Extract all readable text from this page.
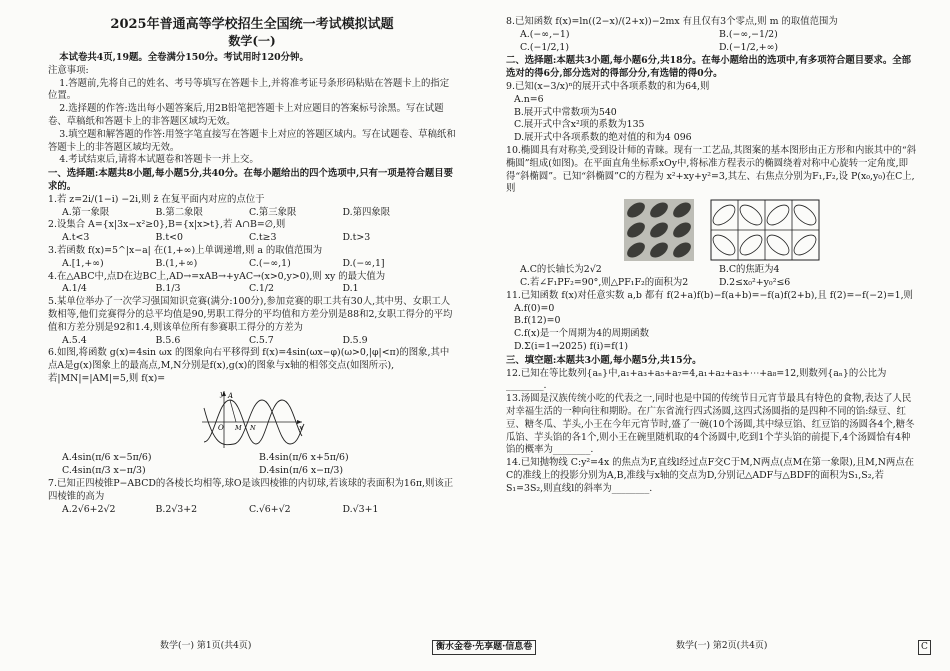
2025年普通高等学校招生全国统一考试模拟试题
数学(一)

本试卷共4页,19题。全卷满分150分。考试用时120分钟。

注意事项:

1.答题前,先将自己的姓名、考号等填写在答题卡上,并将准考证号条形码粘贴在答题卡上的指定位置。

2.选择题的作答:选出每小题答案后,用2B铅笔把答题卡上对应题目的答案标号涂黑。写在试题卷、草稿纸和答题卡上的非答题区域均无效。

3.填空题和解答题的作答:用签字笔直接写在答题卡上对应的答题区域内。写在试题卷、草稿纸和答题卡上的非答题区域均无效。

4.考试结束后,请将本试题卷和答题卡一并上交。

一、选择题:本题共8小题,每小题5分,共40分。在每小题给出的四个选项中,只有一项是符合题目要求的。

1.若 z=2i/(1−i) −2i,则 z̄ 在复平面内对应的点位于

A.第一象限	B.第二象限	C.第三象限	D.第四象限

2.设集合 A={x|3x−x²≥0},B={x|x>t},若 A∩B=∅,则

A.t<3	B.t<0	C.t≥3	D.t>3

3.若函数 f(x)=5^|x−a| 在(1,+∞)上单调递增,则 a 的取值范围为

A.[1,+∞)	B.(1,+∞)	C.(−∞,1)	D.(−∞,1]

4.在△ABC中,点D在边BC上,AD→=xAB→+yAC→(x>0,y>0),则 xy 的最大值为

A.1/4	B.1/3	C.1/2	D.1

5.某单位举办了一次学习强国知识竞赛(满分:100分),参加竞赛的职工共有30人,其中男、女职工人数相等,他们竞赛得分的总平均值是90,男职工得分的平均值和方差分别是88和2,女职工得分的平均值和方差分别是92和1.4,则该单位所有参赛职工得分的方差为

A.5.4	B.5.6	C.5.7	D.5.9

6.如图,将函数 g(x)=4sin ωx 的图象向右平移得到 f(x)=4sin(ωx−φ)(ω>0,|φ|<π)的图象,其中点A是g(x)图象上的最高点,M,N分别是f(x),g(x)的图象与x轴的相邻交点(如图所示),若|MN|=|AM|=5,则 f(x)=

y A
O M N	x
A.4sin(π/6 x−5π/6)	B.4sin(π/6 x+5π/6)
C.4sin(π/3 x−π/3)	D.4sin(π/6 x−π/3)

7.已知正四棱锥P−ABCD的各棱长均相等,球O是该四棱锥的内切球,若该球的表面积为16π,则该正四棱锥的高为

A.2√6+2√2	B.2√3+2	C.√6+√2	D.√3+1

8.已知函数 f(x)=ln((2−x)/(2+x))−2mx 有且仅有3个零点,则 m 的取值范围为

A.(−∞,−1)	B.(−∞,−1/2)
C.(−1/2,1)	D.(−1/2,+∞)

二、选择题:本题共3小题,每小题6分,共18分。在每小题给出的选项中,有多项符合题目要求。全部选对的得6分,部分选对的得部分分,有选错的得0分。

9.已知(x−3/x)ⁿ的展开式中各项系数的和为64,则

A.n=6

B.展开式中常数项为540

C.展开式中含x²项的系数为135

D.展开式中各项系数的绝对值的和为4 096

10.椭圆具有对称美,受到设计师的青睐。现有一工艺品,其图案的基本图形由正方形和内嵌其中的“斜椭圆”组成(如图)。在平面直角坐标系xOy中,将标准方程表示的椭圆绕着对称中心旋转一定角度,即得“斜椭圆”。已知“斜椭圆”C的方程为 x²+xy+y²=3,其左、右焦点分别为F₁,F₂,设 P(x₀,y₀)在C上,则

A.C的长轴长为2√2	B.C的焦距为4
C.若∠F₁PF₂=90°,则△PF₁F₂的面积为2	D.2≤x₀²+y₀²≤6

11.已知函数 f(x)对任意实数 a,b 都有 f(2+a)f(b)−f(a+b)=−f(a)f(2+b),且 f(2)=−f(−2)=1,则

A.f(0)=0

B.f(12)=0

C.f(x)是一个周期为4的周期函数

D.Σ(i=1→2025) f(i)=f(1)

三、填空题:本题共3小题,每小题5分,共15分。

12.已知在等比数列{aₙ}中,a₁+a₃+a₅+a₇=4,a₁+a₂+a₃+⋯+a₈=12,则数列{aₙ}的公比为________.

13.汤圆是汉族传统小吃的代表之一,同时也是中国的传统节日元宵节最具有特色的食物,表达了人民对幸福生活的一种向往和期盼。在广东省流行四式汤圆,这四式汤圆指的是四种不同的馅:绿豆、红豆、糖冬瓜、芋头,小王在今年元宵节时,盛了一碗(10个汤圆,其中绿豆馅、红豆馅的汤圆各4个,糖冬瓜馅、芋头馅的各1个,则小王在碗里随机取的4个汤圆中,吃到1个芋头馅的前提下,4个汤圆恰有4种馅的概率为________.

14.已知抛物线 C:y²=4x 的焦点为F,直线l经过点F交C于M,N两点(点M在第一象限),且M,N两点在C的准线上的投影分别为A,B,准线与x轴的交点为D,分别记△ADF与△BDF的面积为S₁,S₂,若S₁=3S₂,则直线l的斜率为________.

数学(一) 第1页(共4页)	衡水金卷·先享题·信息卷	数学(一) 第2页(共4页)	C
